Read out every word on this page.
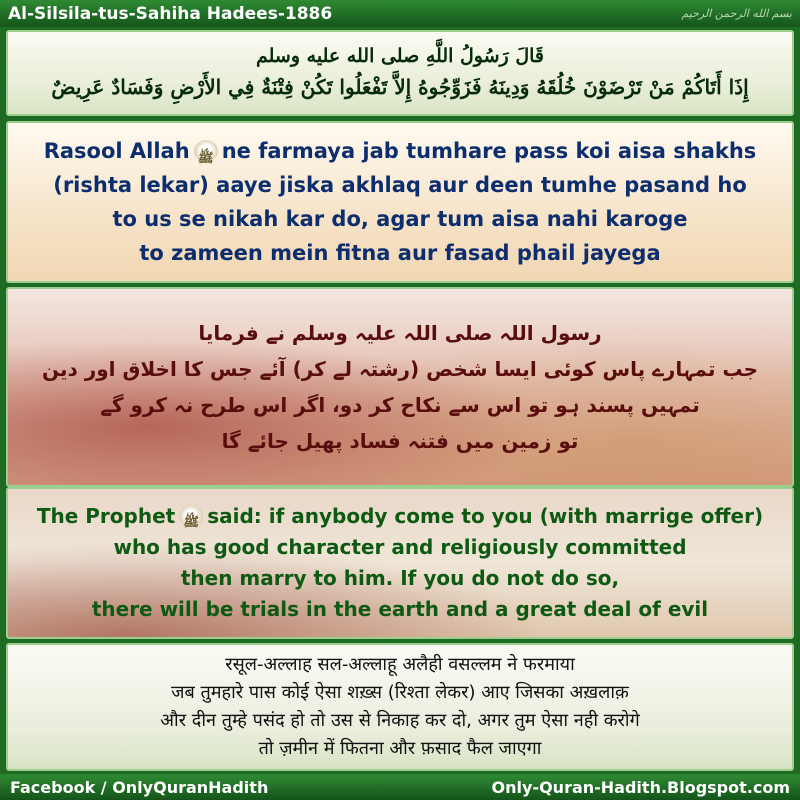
Al-Silsila-tus-Sahiha Hadees-1886	بسم الله الرحمن الرحيم
قَالَ رَسُولُ اللَّهِ صلى الله عليه وسلم
إِذَا أَتَاكُمْ مَنْ تَرْضَوْنَ خُلُقَهُ وَدِينَهُ فَزَوِّجُوهُ إِلاَّ تَفْعَلُوا تَكُنْ فِتْنَةٌ فِي الأَرْضِ وَفَسَادٌ عَرِيضٌ
Rasool Allah ﷺ ne farmaya jab tumhare pass koi aisa shakhs
(rishta lekar) aaye jiska akhlaq aur deen tumhe pasand ho
to us se nikah kar do, agar tum aisa nahi karoge
to zameen mein fitna aur fasad phail jayega
رسول اللہ صلی اللہ علیہ وسلم نے فرمایا
جب تمہارے پاس کوئی ایسا شخص (رشتہ لے کر) آئے جس کا اخلاق اور دین
تمہیں پسند ہو تو اس سے نکاح کر دو، اگر اس طرح نہ کرو گے
تو زمین میں فتنہ فساد پھیل جائے گا
The Prophet ﷺ said: if anybody come to you (with marrige offer)
who has good character and religiously committed
then marry to him. If you do not do so,
there will be trials in the earth and a great deal of evil
रसूल-अल्लाह सल-अल्लाहू अलैही वसल्लम ने फरमाया
जब तुमहारे पास कोई ऐसा शख़्स (रिश्ता लेकर) आए जिसका अख़लाक़
और दीन तुम्हे पसंद हो तो उस से निकाह कर दो, अगर तुम ऐसा नही करोगे
तो ज़मीन में फितना और फ़साद फैल जाएगा
Facebook / OnlyQuranHadith	Only-Quran-Hadith.Blogspot.com
